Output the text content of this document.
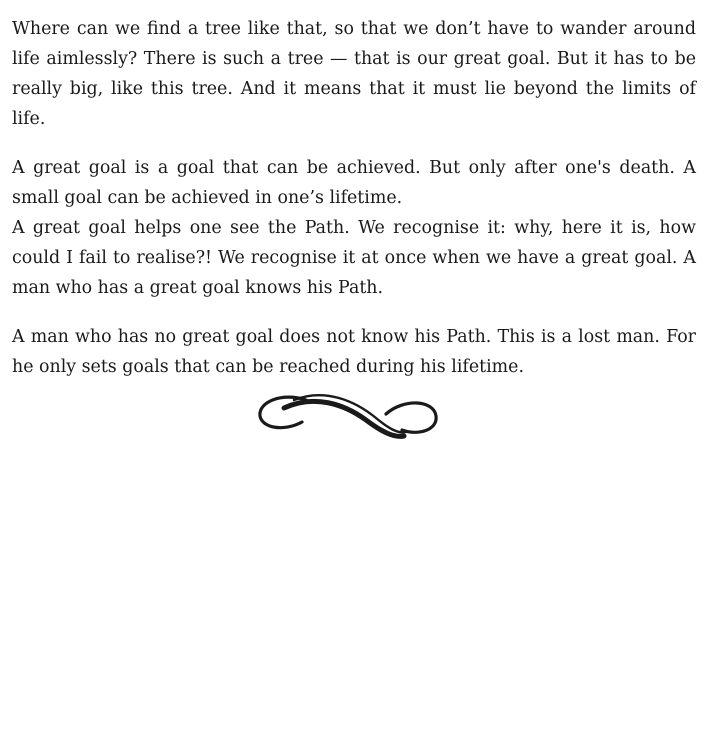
Where can we find a tree like that, so that we don’t have to wander around life aimlessly? There is such a tree — that is our great goal. But it has to be really big, like this tree. And it means that it must lie beyond the limits of life.

A great goal is a goal that can be achieved. But only after one's death. A small goal can be achieved in one’s lifetime.

A great goal helps one see the Path. We recognise it: why, here it is, how could I fail to realise?! We recognise it at once when we have a great goal. A man who has a great goal knows his Path.

A man who has no great goal does not know his Path. This is a lost man. For he only sets goals that can be reached during his lifetime.
